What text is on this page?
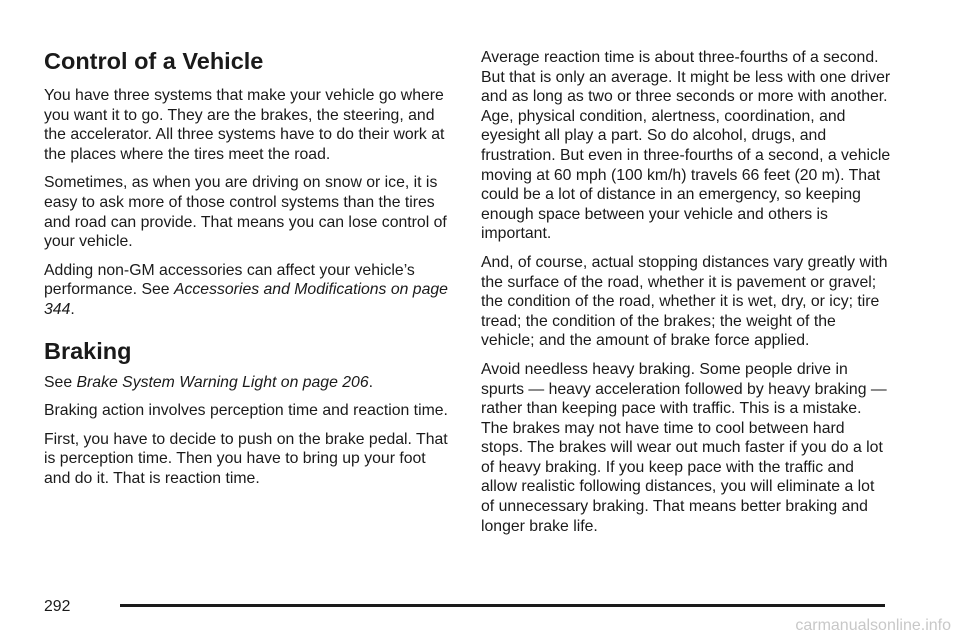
Control of a Vehicle

You have three systems that make your vehicle go where you want it to go. They are the brakes, the steering, and the accelerator. All three systems have to do their work at the places where the tires meet the road.

Sometimes, as when you are driving on snow or ice, it is easy to ask more of those control systems than the tires and road can provide. That means you can lose control of your vehicle.

Adding non-GM accessories can affect your vehicle’s performance. See Accessories and Modifications on page 344.

Braking

See Brake System Warning Light on page 206.

Braking action involves perception time and reaction time.

First, you have to decide to push on the brake pedal. That is perception time. Then you have to bring up your foot and do it. That is reaction time.

Average reaction time is about three-fourths of a second. But that is only an average. It might be less with one driver and as long as two or three seconds or more with another. Age, physical condition, alertness, coordination, and eyesight all play a part. So do alcohol, drugs, and frustration. But even in three-fourths of a second, a vehicle moving at 60 mph (100 km/h) travels 66 feet (20 m). That could be a lot of distance in an emergency, so keeping enough space between your vehicle and others is important.

And, of course, actual stopping distances vary greatly with the surface of the road, whether it is pavement or gravel; the condition of the road, whether it is wet, dry, or icy; tire tread; the condition of the brakes; the weight of the vehicle; and the amount of brake force applied.

Avoid needless heavy braking. Some people drive in spurts — heavy acceleration followed by heavy braking — rather than keeping pace with traffic. This is a mistake. The brakes may not have time to cool between hard stops. The brakes will wear out much faster if you do a lot of heavy braking. If you keep pace with the traffic and allow realistic following distances, you will eliminate a lot of unnecessary braking. That means better braking and longer brake life.

292
carmanualsonline.info
